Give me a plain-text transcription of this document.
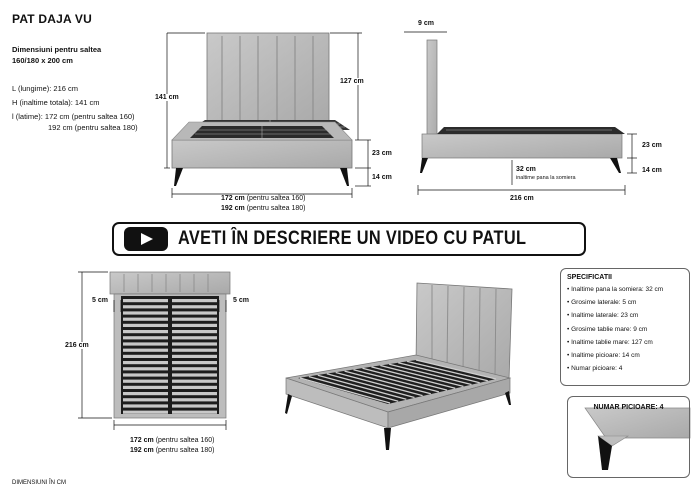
PAT DAJA VU
Dimensiuni pentru saltea
160/180 x 200 cm
L (lungime): 216 cm
H (inaltime totala): 141 cm
l (latime): 172 cm (pentru saltea 160)
192 cm (pentru saltea 180)
141 cm
127 cm
23 cm
14 cm
172 cm (pentru saltea 160)
192 cm (pentru saltea 180)
9 cm
23 cm
14 cm
32 cm
inaltime pana la somiera
216 cm
AVETI ÎN DESCRIERE UN VIDEO CU PATUL
5 cm	5 cm
216 cm
172 cm (pentru saltea 160)
192 cm (pentru saltea 180)
SPECIFICATII
• Inaltime pana la somiera: 32 cm
• Grosime laterale: 5 cm
• Inaltime laterale: 23 cm
• Grosime tablie mare: 9 cm
• Inaltime tablie mare: 127 cm
• Inaltime picioare: 14 cm
• Numar picioare: 4
NUMAR PICIOARE: 4
DIMENSIUNI ÎN CM
